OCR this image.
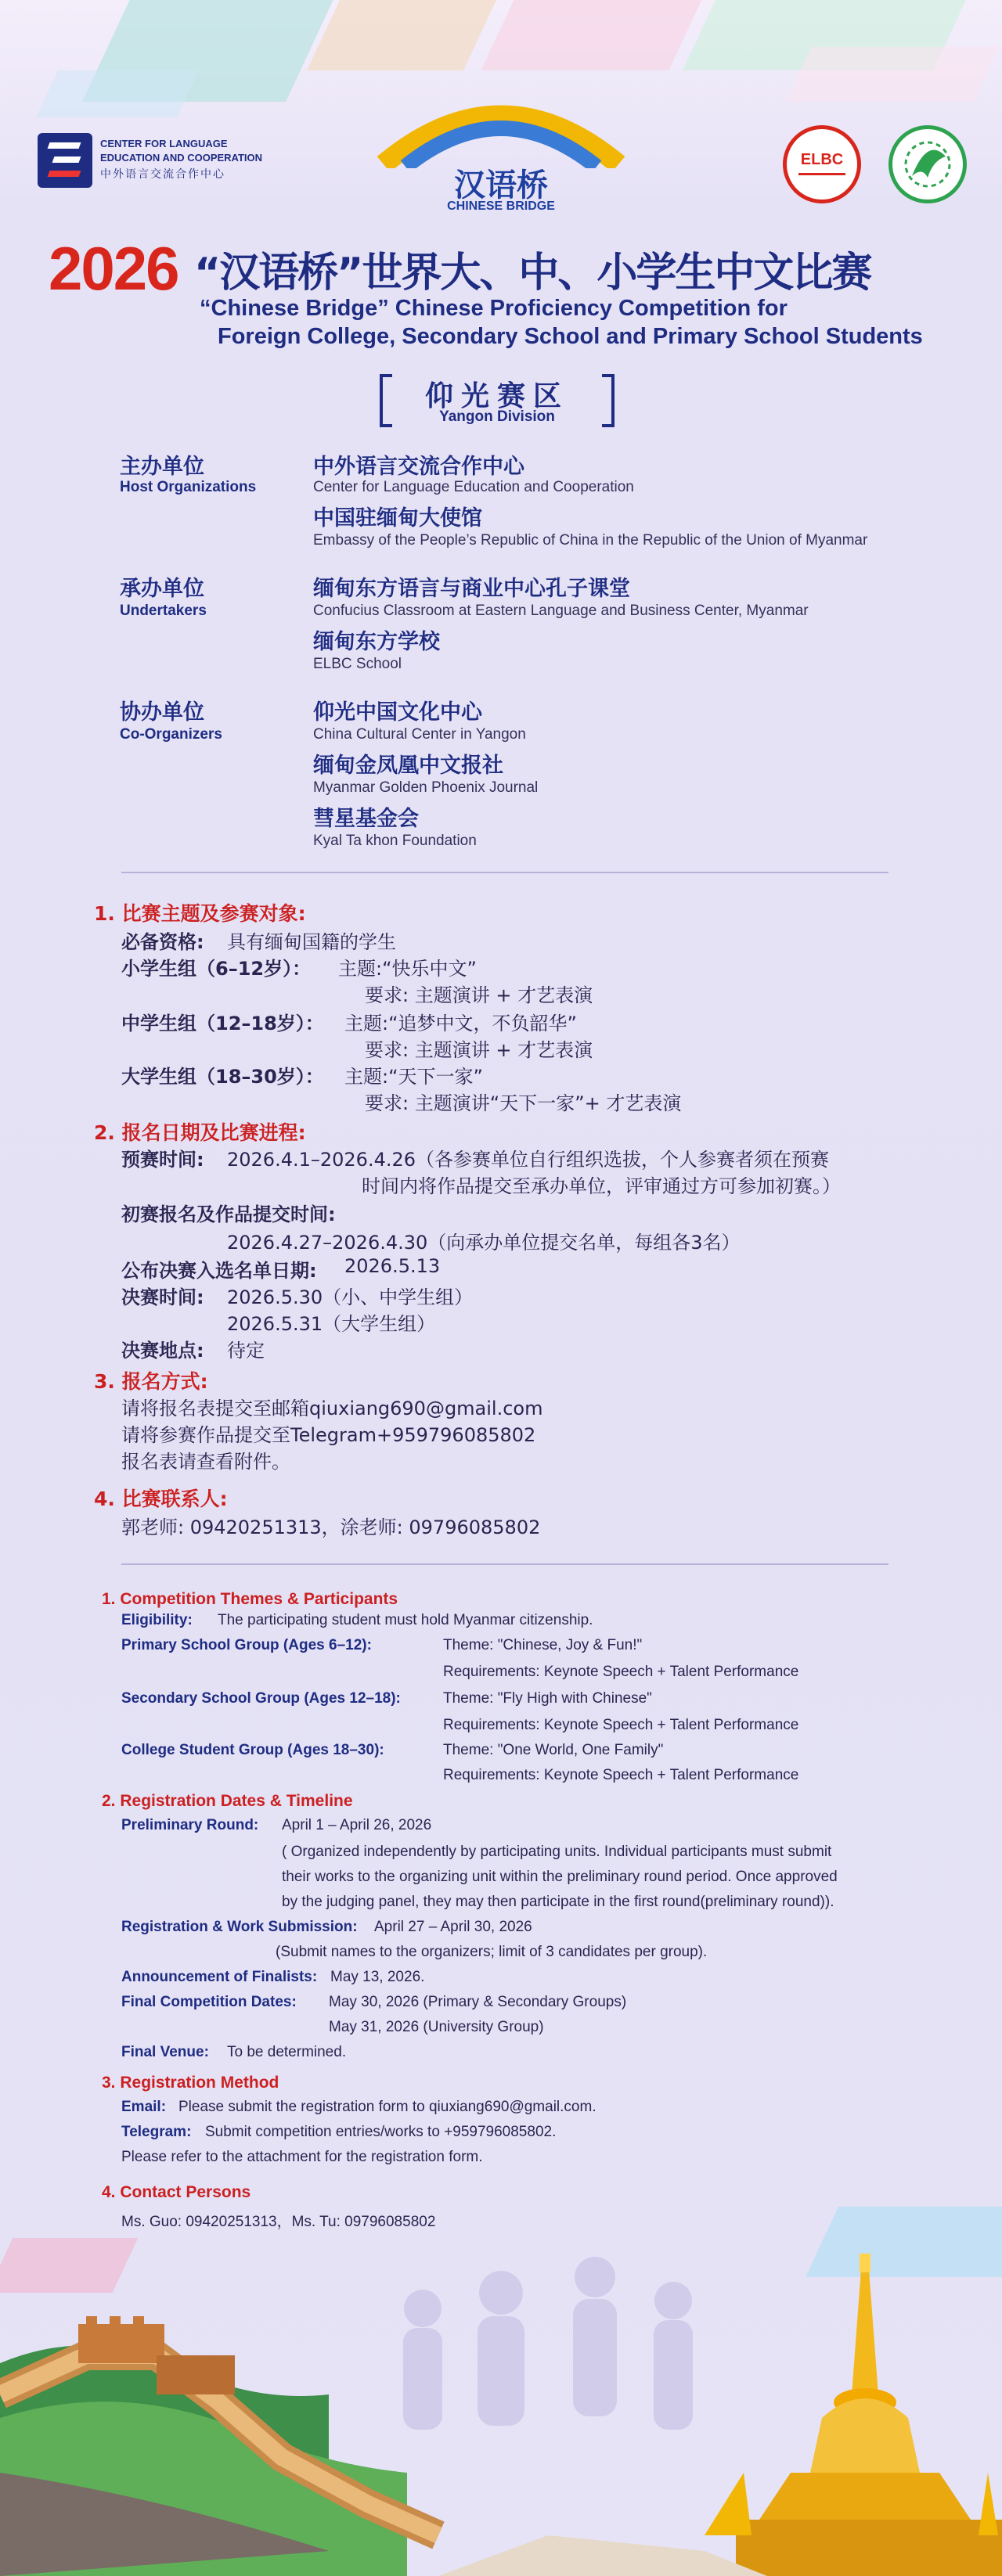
CENTER FOR LANGUAGE
EDUCATION AND COOPERATION
中外语言交流合作中心	汉语桥
CHINESE BRIDGE
ELBC
2026 “汉语桥”世界大、中、小学生中文比赛
“Chinese Bridge” Chinese Proficiency Competition for
Foreign College, Secondary School and Primary School Students
仰光赛区
Yangon Division
主办单位
Host Organizations
中外语言交流合作中心
Center for Language Education and Cooperation
中国驻缅甸大使馆
Embassy of the People’s Republic of China in the Republic of the Union of Myanmar
承办单位
Undertakers
缅甸东方语言与商业中心孔子课堂
Confucius Classroom at Eastern Language and Business Center, Myanmar
缅甸东方学校
ELBC School
协办单位
Co-Organizers
仰光中国文化中心
China Cultural Center in Yangon
缅甸金凤凰中文报社
Myanmar Golden Phoenix Journal
彗星基金会
Kyal Ta khon Foundation
1. 比赛主题及参赛对象:
必备资格: 具有缅甸国籍的学生
小学生组（6–12岁）： 主题:“快乐中文”
要求: 主题演讲 + 才艺表演
中学生组（12–18岁）： 主题:“追梦中文，不负韶华”
要求: 主题演讲 + 才艺表演
大学生组（18–30岁）： 主题:“天下一家”
要求: 主题演讲“天下一家”+ 才艺表演
2. 报名日期及比赛进程:
预赛时间: 2026.4.1–2026.4.26（各参赛单位自行组织选拔，个人参赛者须在预赛
时间内将作品提交至承办单位，评审通过方可参加初赛。）
初赛报名及作品提交时间:
2026.4.27–2026.4.30（向承办单位提交名单，每组各3名）
公布决赛入选名单日期: 2026.5.13
决赛时间: 2026.5.30（小、中学生组）
2026.5.31（大学生组）
决赛地点: 待定
3. 报名方式:
请将报名表提交至邮箱qiuxiang690@gmail.com
请将参赛作品提交至Telegram+959796085802
报名表请查看附件。
4. 比赛联系人:
郭老师: 09420251313，涂老师: 09796085802
1. Competition Themes & Participants
Eligibility: The participating student must hold Myanmar citizenship.
Primary School Group (Ages 6–12):	Theme: "Chinese, Joy & Fun!"
Requirements: Keynote Speech + Talent Performance
Secondary School Group (Ages 12–18):	Theme: "Fly High with Chinese"
Requirements: Keynote Speech + Talent Performance
College Student Group (Ages 18–30):	Theme: "One World, One Family"
Requirements: Keynote Speech + Talent Performance
2. Registration Dates & Timeline
Preliminary Round: April 1 – April 26, 2026
( Organized independently by participating units. Individual participants must submit
their works to the organizing unit within the preliminary round period. Once approved
by the judging panel, they may then participate in the first round(preliminary round)).
Registration & Work Submission: April 27 – April 30, 2026
(Submit names to the organizers; limit of 3 candidates per group).
Announcement of Finalists: May 13, 2026.
Final Competition Dates: May 30, 2026 (Primary & Secondary Groups)
May 31, 2026 (University Group)
Final Venue: To be determined.
3. Registration Method
Email: Please submit the registration form to qiuxiang690@gmail.com.
Telegram: Submit competition entries/works to +959796085802.
Please refer to the attachment for the registration form.
4. Contact Persons
Ms. Guo: 09420251313，Ms. Tu: 09796085802
